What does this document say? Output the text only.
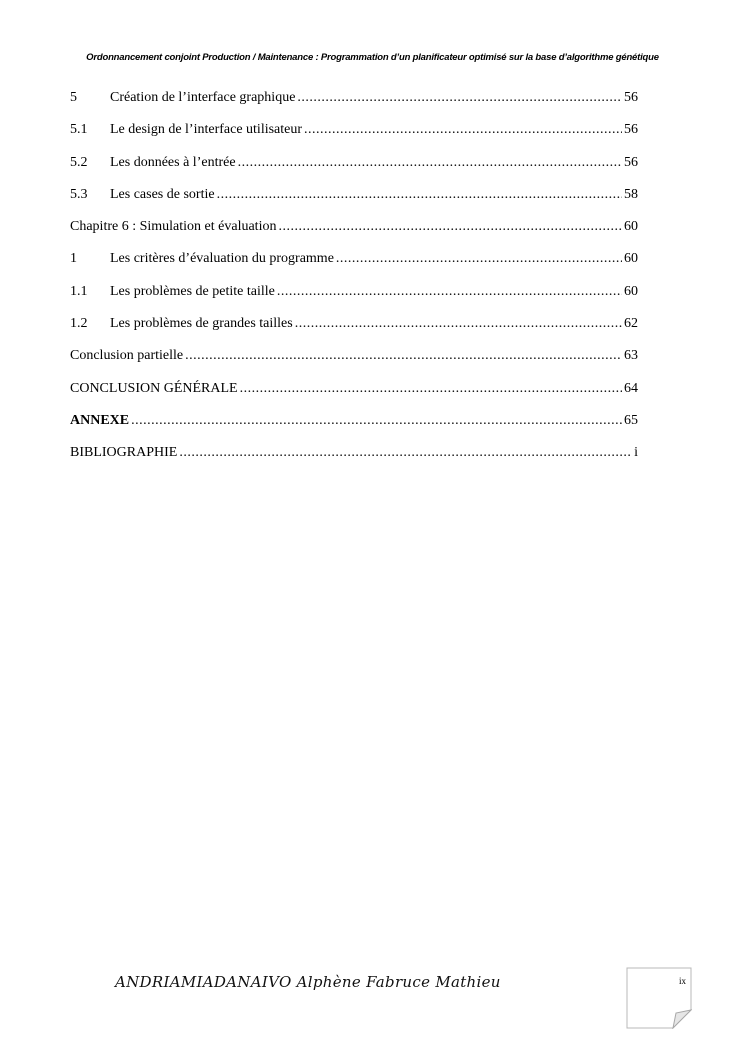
Ordonnancement conjoint Production / Maintenance : Programmation d’un planificateur optimisé sur la base d’algorithme génétique
5	Création de l’interface graphique .....	56
5.1	Le design de l’interface utilisateur .....	56
5.2	Les données à l’entrée .....	56
5.3	Les cases de sortie .....	58
Chapitre 6 : Simulation et évaluation .....	60
1	Les critères d’évaluation du programme .....	60
1.1	Les problèmes de petite taille .....	60
1.2	Les problèmes de grandes tailles .....	62
Conclusion partielle .....	63
CONCLUSION GÉNÉRALE .....	64
ANNEXE .....	65
BIBLIOGRAPHIE .....	i
ANDRIAMIADANAIVO Alphène Fabruce Mathieu	ix
